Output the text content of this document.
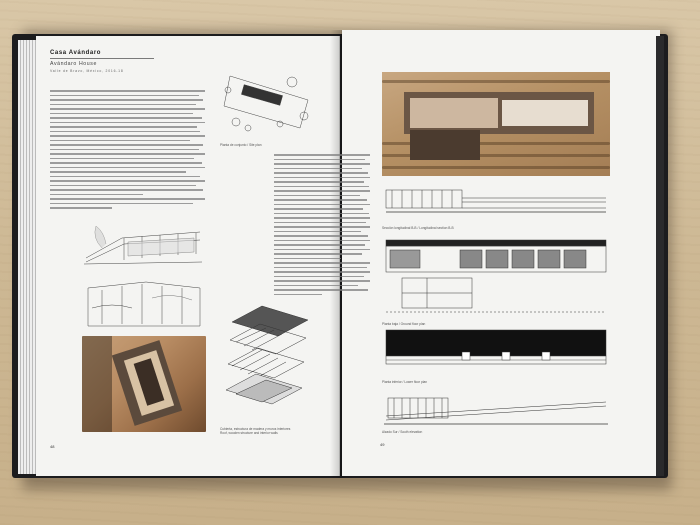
Casa Avándaro
Avándaro House
Valle de Bravo, México, 2016-18
Planta de conjunto / Site plan
Cubierta, estructura de madera y muros interiores
Roof, wooden structure and interior walls
48
Sección longitudinal B-B / Longitudinal section B-B
Planta baja / Ground floor plan
Planta inferior / Lower floor plan
Alzado Sur / South elevation
49
